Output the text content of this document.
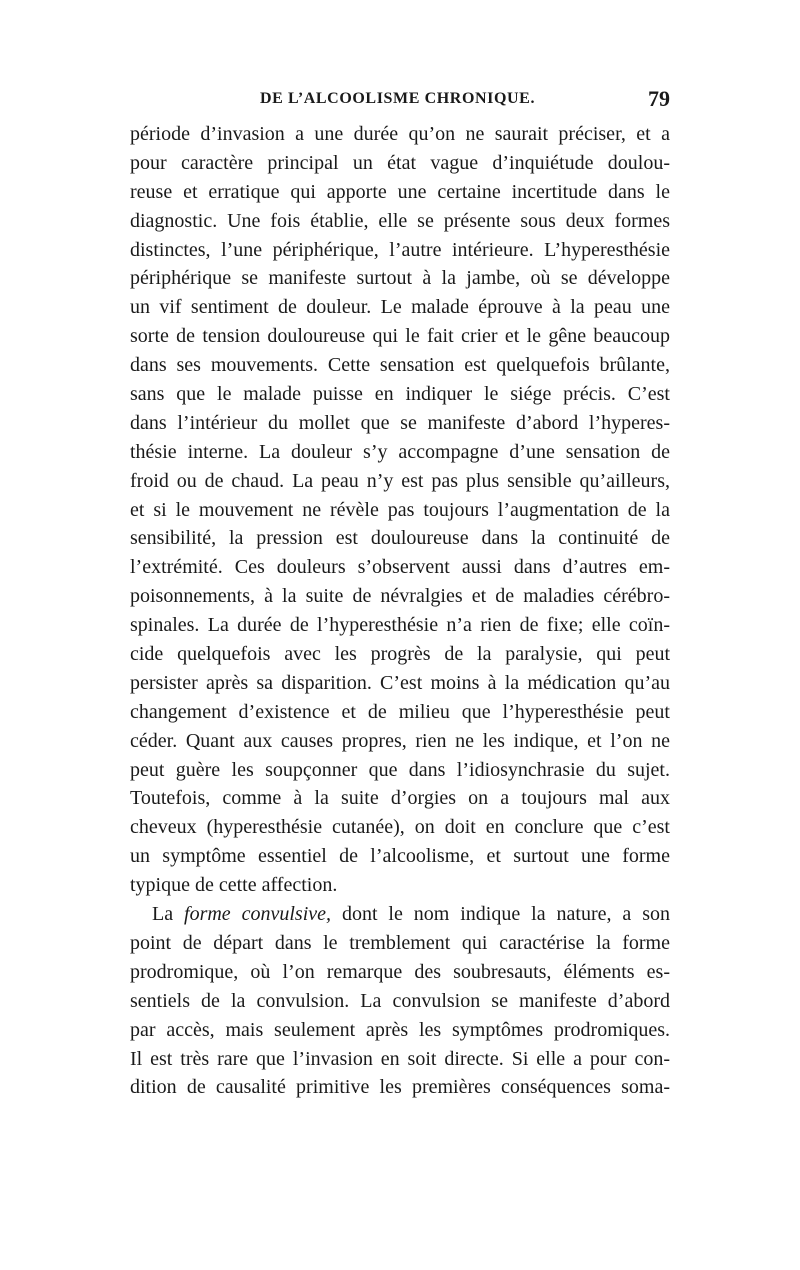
DE L’ALCOOLISME CHRONIQUE.	79
période d’invasion a une durée qu’on ne saurait préciser, et a
pour caractère principal un état vague d’inquiétude doulou-
reuse et erratique qui apporte une certaine incertitude dans le
diagnostic. Une fois établie, elle se présente sous deux formes
distinctes, l’une périphérique, l’autre intérieure. L’hyperesthésie
périphérique se manifeste surtout à la jambe, où se développe
un vif sentiment de douleur. Le malade éprouve à la peau une
sorte de tension douloureuse qui le fait crier et le gêne beaucoup
dans ses mouvements. Cette sensation est quelquefois brûlante,
sans que le malade puisse en indiquer le siége précis. C’est
dans l’intérieur du mollet que se manifeste d’abord l’hyperes-
thésie interne. La douleur s’y accompagne d’une sensation de
froid ou de chaud. La peau n’y est pas plus sensible qu’ailleurs,
et si le mouvement ne révèle pas toujours l’augmentation de la
sensibilité, la pression est douloureuse dans la continuité de
l’extrémité. Ces douleurs s’observent aussi dans d’autres em-
poisonnements, à la suite de névralgies et de maladies cérébro-
spinales. La durée de l’hyperesthésie n’a rien de fixe; elle coïn-
cide quelquefois avec les progrès de la paralysie, qui peut
persister après sa disparition. C’est moins à la médication qu’au
changement d’existence et de milieu que l’hyperesthésie peut
céder. Quant aux causes propres, rien ne les indique, et l’on ne
peut guère les soupçonner que dans l’idiosynchrasie du sujet.
Toutefois, comme à la suite d’orgies on a toujours mal aux
cheveux (hyperesthésie cutanée), on doit en conclure que c’est
un symptôme essentiel de l’alcoolisme, et surtout une forme
typique de cette affection.
La forme convulsive, dont le nom indique la nature, a son
point de départ dans le tremblement qui caractérise la forme
prodromique, où l’on remarque des soubresauts, éléments es-
sentiels de la convulsion. La convulsion se manifeste d’abord
par accès, mais seulement après les symptômes prodromiques.
Il est très rare que l’invasion en soit directe. Si elle a pour con-
dition de causalité primitive les premières conséquences soma-
